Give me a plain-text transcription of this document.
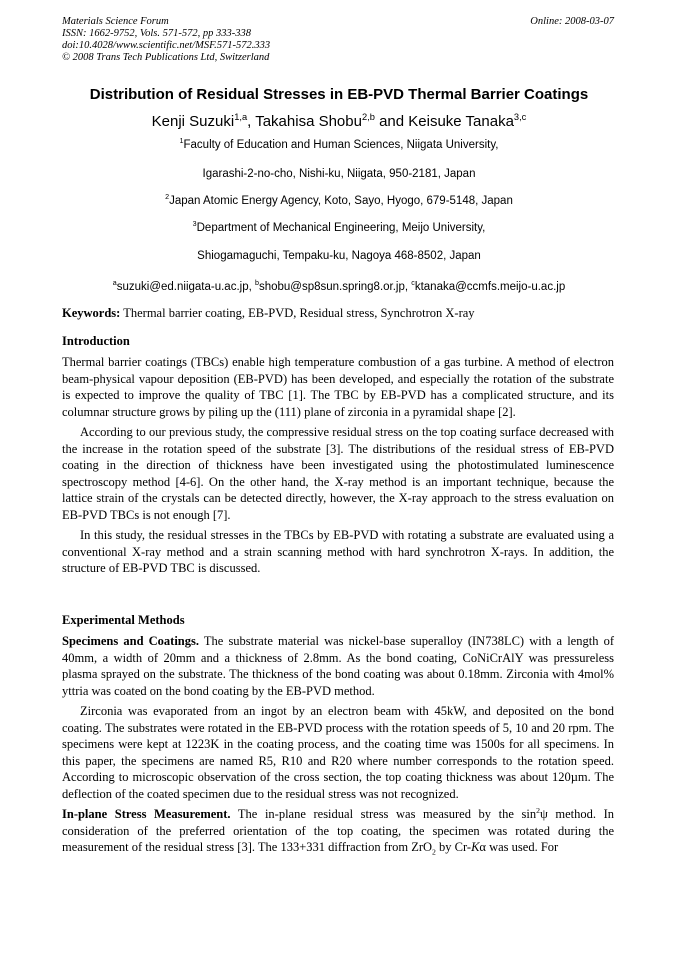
Materials Science Forum
ISSN: 1662-9752, Vols. 571-572, pp 333-338
doi:10.4028/www.scientific.net/MSF.571-572.333
© 2008 Trans Tech Publications Ltd, Switzerland
Online: 2008-03-07
Distribution of Residual Stresses in EB-PVD Thermal Barrier Coatings
Kenji Suzuki$^{1,a}$, Takahisa Shobu$^{2,b}$ and Keisuke Tanaka$^{3,c}$
$^1$Faculty of Education and Human Sciences, Niigata University,
Igarashi-2-no-cho, Nishi-ku, Niigata, 950-2181, Japan
$^2$Japan Atomic Energy Agency, Koto, Sayo, Hyogo, 679-5148, Japan
$^3$Department of Mechanical Engineering, Meijo University,
Shiogamaguchi, Tempaku-ku, Nagoya 468-8502, Japan
$^a$suzuki@ed.niigata-u.ac.jp, $^b$shobu@sp8sun.spring8.or.jp, $^c$ktanaka@ccmfs.meijo-u.ac.jp

Keywords: Thermal barrier coating, EB-PVD, Residual stress, Synchrotron X-ray

Introduction

Thermal barrier coatings (TBCs) enable high temperature combustion of a gas turbine. A method of electron beam-physical vapour deposition (EB-PVD) has been developed, and especially the rotation of the substrate is expected to improve the quality of TBC [1]. The TBC by EB-PVD has a complicated structure, and its columnar structure grows by piling up the (111) plane of zirconia in a pyramidal shape [2].

According to our previous study, the compressive residual stress on the top coating surface decreased with the increase in the rotation speed of the substrate [3]. The distributions of the residual stress of EB-PVD coating in the direction of thickness have been investigated using the photostimulated luminescence spectroscopy method [4-6]. On the other hand, the X-ray method is an important technique, because the lattice strain of the crystals can be detected directly, however, the X-ray approach to the stress evaluation on EB-PVD TBCs is not enough [7].

In this study, the residual stresses in the TBCs by EB-PVD with rotating a substrate are evaluated using a conventional X-ray method and a strain scanning method with hard synchrotron X-rays. In addition, the structure of EB-PVD TBC is discussed.

Experimental Methods

Specimens and Coatings. The substrate material was nickel-base superalloy (IN738LC) with a length of 40mm, a width of 20mm and a thickness of 2.8mm. As the bond coating, CoNiCrAlY was pressureless plasma sprayed on the substrate. The thickness of the bond coating was about 0.18mm. Zirconia with 4mol% yttria was coated on the bond coating by the EB-PVD method.

Zirconia was evaporated from an ingot by an electron beam with 45kW, and deposited on the bond coating. The substrates were rotated in the EB-PVD process with the rotation speeds of 5, 10 and 20 rpm. The specimens were kept at 1223K in the coating process, and the coating time was 1500s for all specimens. In this paper, the specimens are named R5, R10 and R20 where number corresponds to the rotation speed. According to microscopic observation of the cross section, the top coating thickness was about 120µm. The deflection of the coated specimen due to the residual stress was not recognized.

In-plane Stress Measurement. The in-plane residual stress was measured by the $\sin^2\psi$ method. In consideration of the preferred orientation of the top coating, the specimen was rotated during the measurement of the residual stress [3]. The 133+331 diffraction from ZrO$_2$ by Cr-Kα was used. For
